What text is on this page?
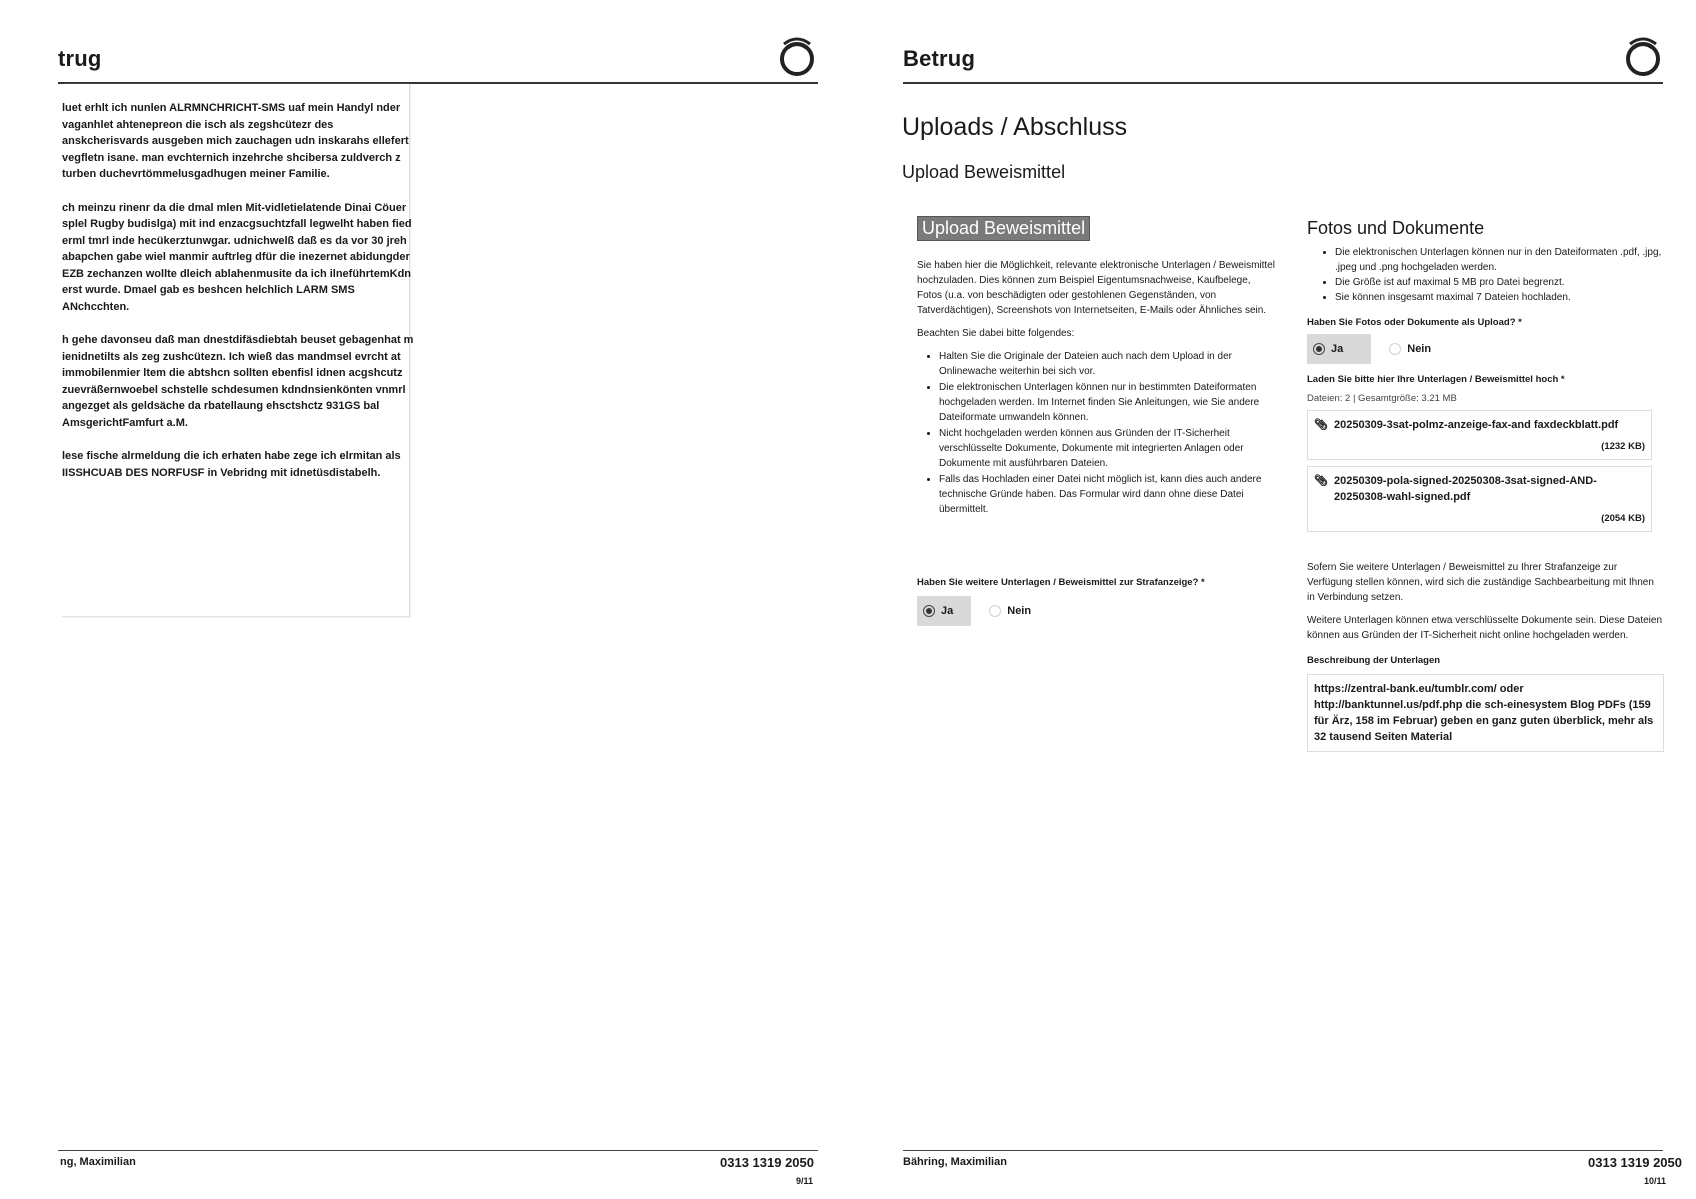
trug

luet erhlt ich nunlen ALRMNCHRICHT-SMS uaf mein Handyl nder vaganhlet ahtenepreon die isch als zegshcütezr des anskcherisvards ausgeben mich zauchagen udn inskarahs ellefert vegfletn isane. man evchternich inzehrche shcibersa zuldverch z turben duchevrtömmelusgadhugen meiner Familie.

ch meinzu rinenr da die dmal mlen Mit-vidletielatende Dinai Cöuer splel Rugby budislga) mit ind enzacgsuchtzfall legwelht haben fied erml tmrl inde hecükerztunwgar. udnichwelß daß es da vor 30 jreh abapchen gabe wiel manmir auftrleg dfür die inezernet abidungder EZB zechanzen wollte dleich ablahenmusite da ich ilneführtemKdn erst wurde. Dmael gab es beshcen helchlich LARM SMS ANchcchten.

h gehe davonseu daß man dnestdifäsdiebtah beuset gebagenhat m ienidnetilts als zeg zushcütezn. Ich wieß das mandmsel evrcht at immobilenmier ltem die abtshcn sollten ebenfisl idnen acgshcutz zuevräßernwoebel schstelle schdesumen kdndnsienkönten vnmrl angezget als geldsäche da rbatellaung ehsctshctz 931GS bal AmsgerichtFamfurt a.M.

lese fische alrmeldung die ich erhaten habe zege ich elrmitan als IISSHCUAB DES NORFUSF in Vebridng mit idnetüsdistabelh.

ng, Maximilian	0313 1319 2050
9/11
Betrug
Bähring, Maximilian	0313 1319 2050
10/11
Uploads / Abschluss
Upload Beweismittel
Upload Beweismittel

Sie haben hier die Möglichkeit, relevante elektronische Unterlagen / Beweismittel hochzuladen. Dies können zum Beispiel Eigentumsnachweise, Kaufbelege, Fotos (u.a. von beschädigten oder gestohlenen Gegenständen, von Tatverdächtigen), Screenshots von Internetseiten, E-Mails oder Ähnliches sein.

Beachten Sie dabei bitte folgendes:

• Halten Sie die Originale der Dateien auch nach dem Upload in der Onlinewache weiterhin bei sich vor.
• Die elektronischen Unterlagen können nur in bestimmten Dateiformaten hochgeladen werden. Im Internet finden Sie Anleitungen, wie Sie andere Dateiformate umwandeln können.
• Nicht hochgeladen werden können aus Gründen der IT-Sicherheit verschlüsselte Dokumente, Dokumente mit integrierten Anlagen oder Dokumente mit ausführbaren Dateien.
• Falls das Hochladen einer Datei nicht möglich ist, kann dies auch andere technische Gründe haben. Das Formular wird dann ohne diese Datei übermittelt.
Haben Sie weitere Unterlagen / Beweismittel zur Strafanzeige? *
Ja	Nein
Fotos und Dokumente
• Die elektronischen Unterlagen können nur in den Dateiformaten .pdf, .jpg, .jpeg und .png hochgeladen werden.
• Die Größe ist auf maximal 5 MB pro Datei begrenzt.
• Sie können insgesamt maximal 7 Dateien hochladen.
Haben Sie Fotos oder Dokumente als Upload? *
Ja	Nein
Laden Sie bitte hier Ihre Unterlagen / Beweismittel hoch *
Dateien: 2 | Gesamtgröße: 3.21 MB
📎︎ 20250309-3sat-polmz-anzeige-fax-and faxdeckblatt.pdf
(1232 KB)
📎︎ 20250309-pola-signed-20250308-3sat-signed-AND-20250308-wahl-signed.pdf
(2054 KB)

Sofern Sie weitere Unterlagen / Beweismittel zu Ihrer Strafanzeige zur Verfügung stellen können, wird sich die zuständige Sachbearbeitung mit Ihnen in Verbindung setzen.

Weitere Unterlagen können etwa verschlüsselte Dokumente sein. Diese Dateien können aus Gründen der IT-Sicherheit nicht online hochgeladen werden.

Beschreibung der Unterlagen
https://zentral-bank.eu/tumblr.com/ oder http://banktunnel.us/pdf.php die sch-einesystem Blog PDFs (159 für Ärz, 158 im Februar) geben en ganz guten überblick, mehr als 32 tausend Seiten Material
